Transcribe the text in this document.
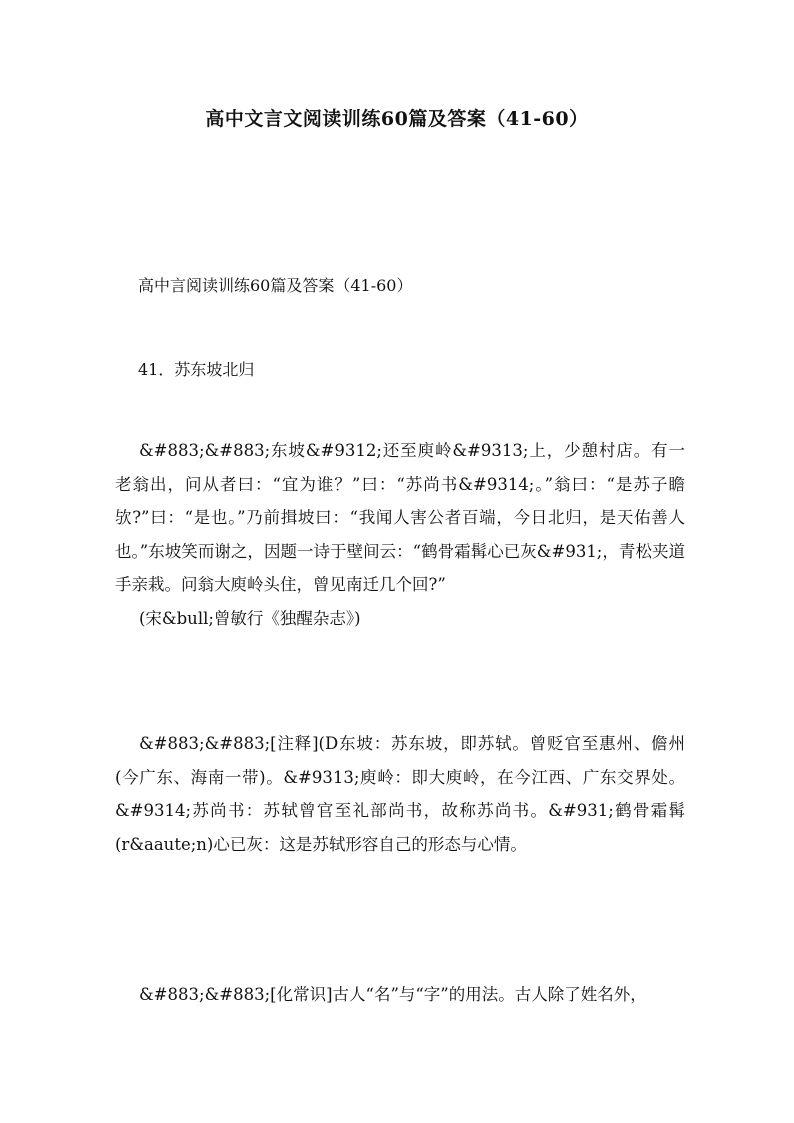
高中文言文阅读训练60篇及答案（41-60）
高中言阅读训练60篇及答案（41-60）
41．苏东坡北归

&#883;&#883;东坡&#9312;还至庾岭&#9313;上，少憩村店。有一老翁出，问从者曰：“宜为谁？”曰：“苏尚书&#9314;。”翁曰：“是苏子瞻欤?”曰：“是也。”乃前揖坡曰：“我闻人害公者百端，今日北归，是天佑善人也。”东坡笑而谢之，因题一诗于壁间云：“鹤骨霜髯心已灰&#931;，青松夹道手亲栽。问翁大庾岭头住，曾见南迁几个回?”
(宋&bull;曾敏行《独醒杂志》)

&#883;&#883;[注释](D东坡：苏东坡，即苏轼。曾贬官至惠州、儋州(今广东、海南一带)。&#9313;庾岭：即大庾岭，在今江西、广东交界处。&#9314;苏尚书：苏轼曾官至礼部尚书，故称苏尚书。&#931;鹤骨霜髯(r&aaute;n)心已灰：这是苏轼形容自己的形态与心情。

&#883;&#883;[化常识]古人“名”与“字”的用法。古人除了姓名外，
